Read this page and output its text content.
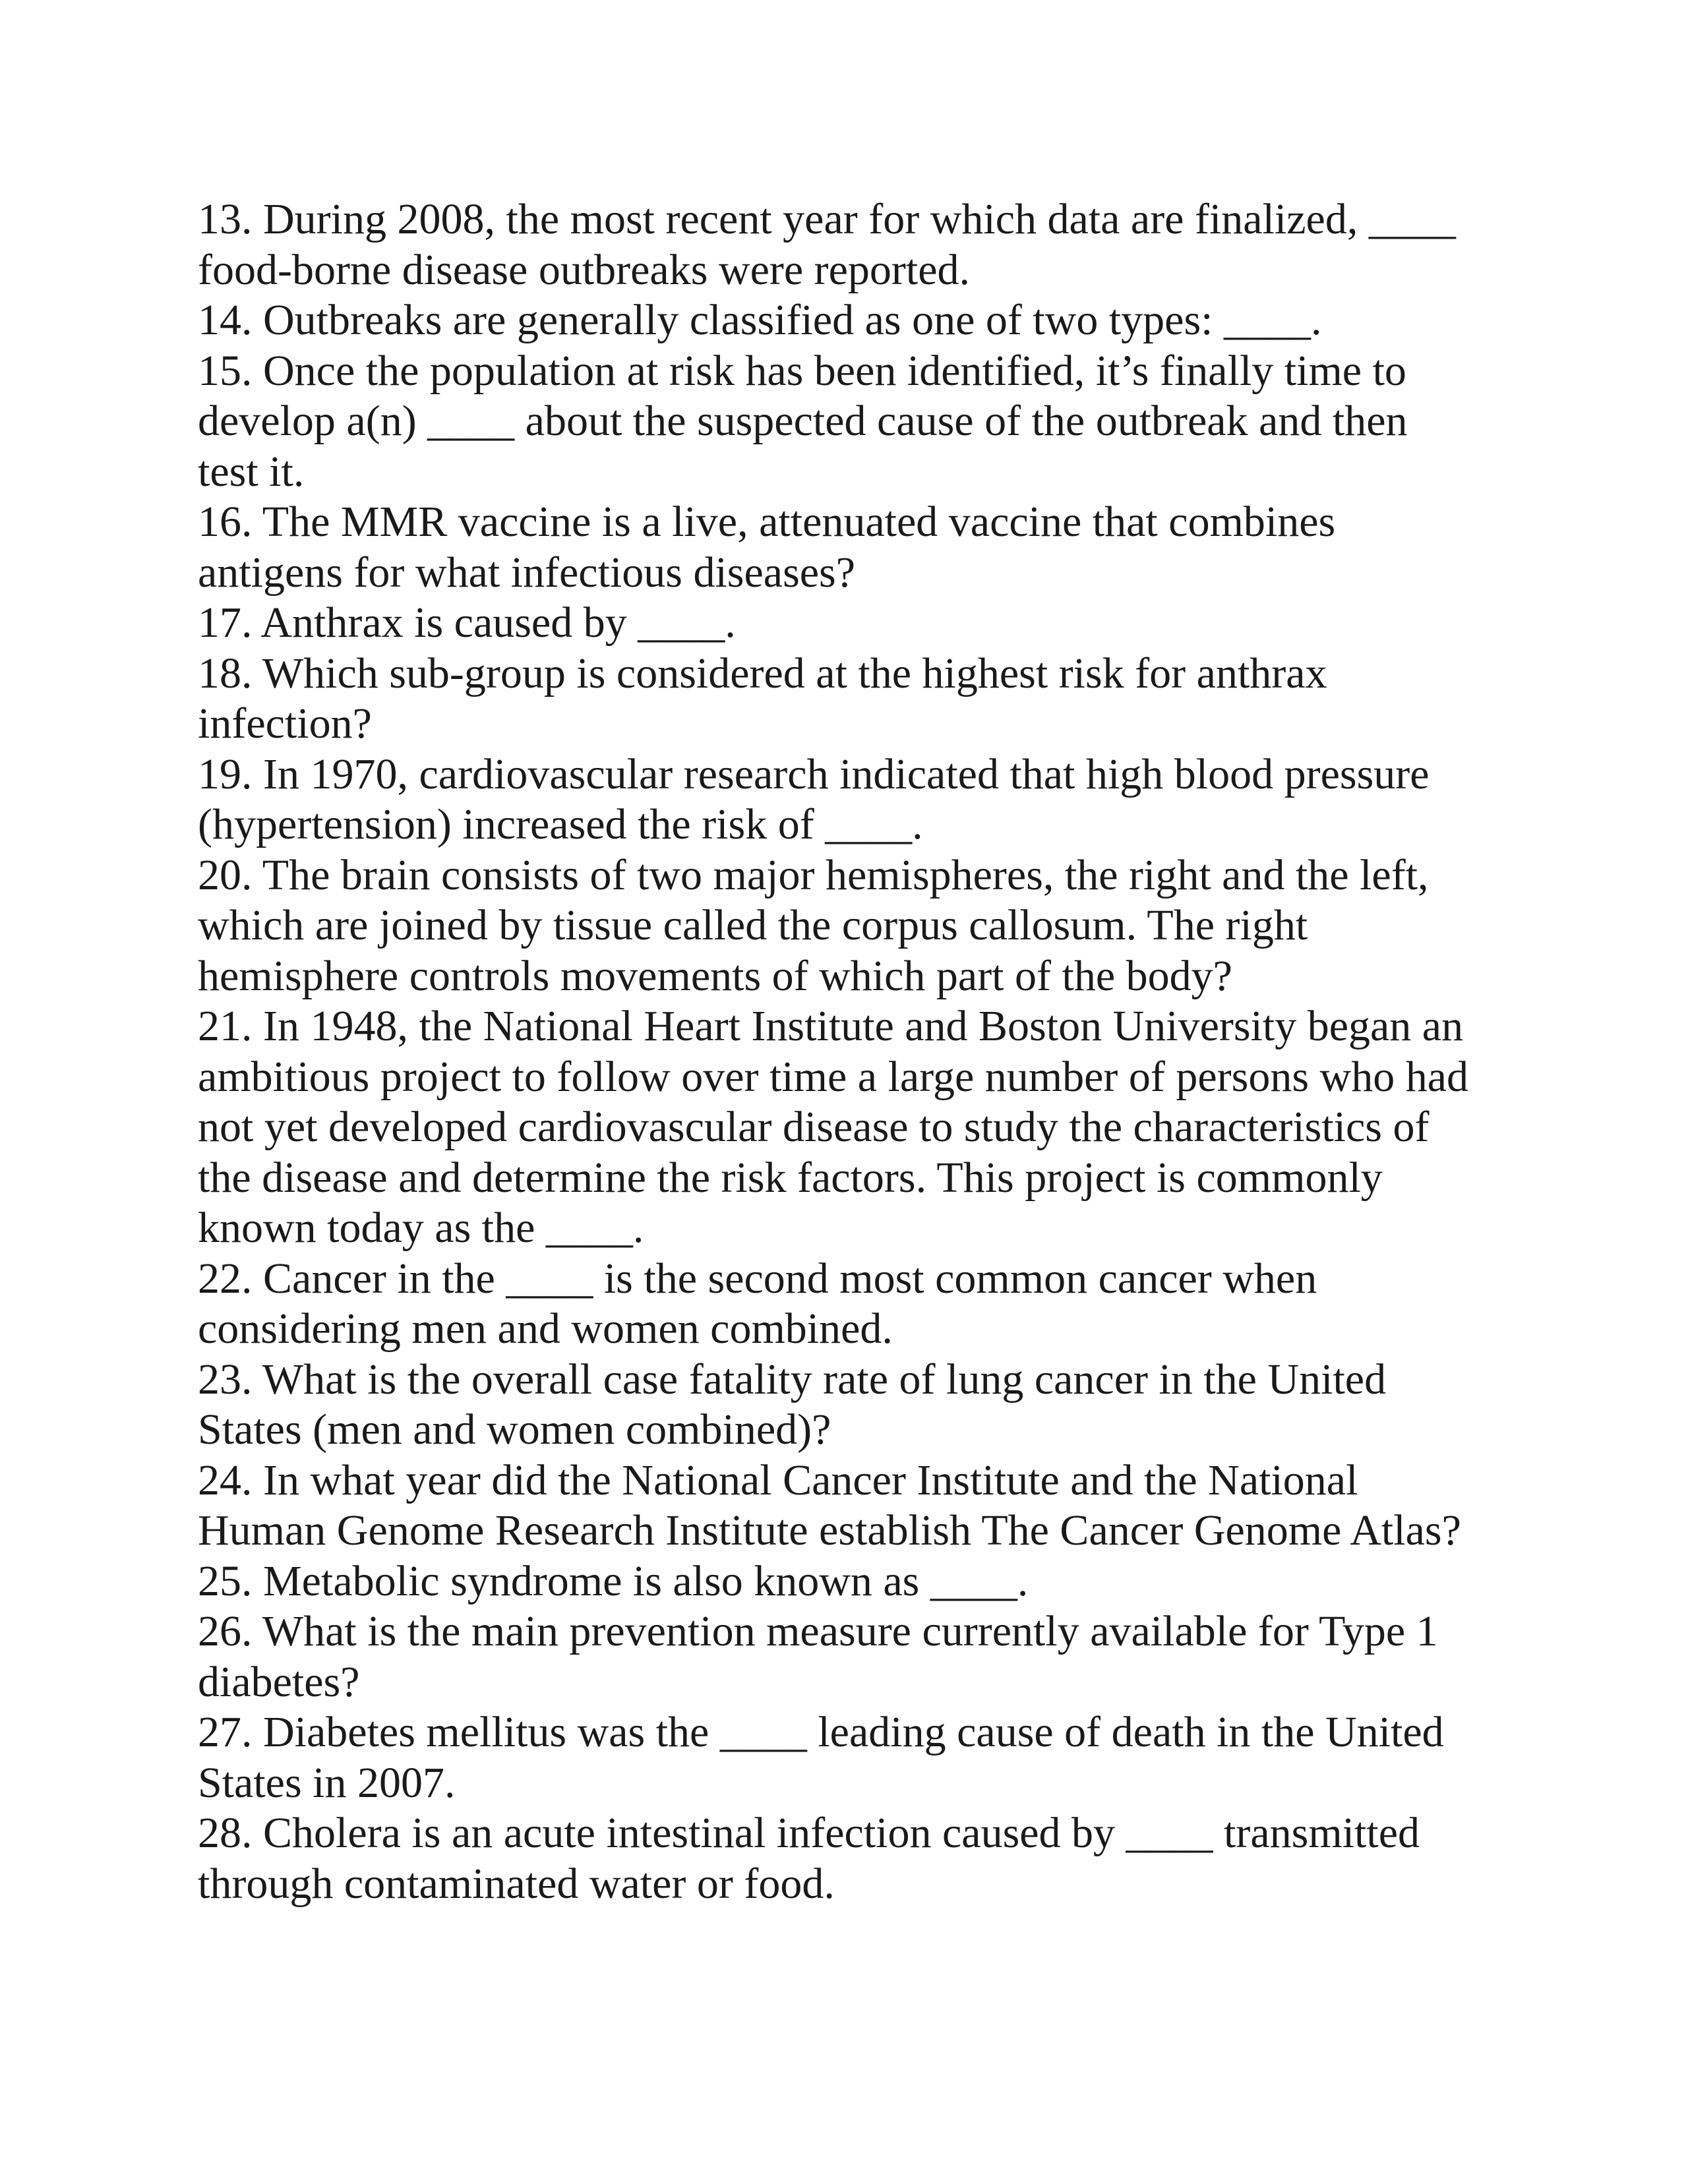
13. During 2008, the most recent year for which data are finalized, ____
food-borne disease outbreaks were reported.
14. Outbreaks are generally classified as one of two types: ____.
15. Once the population at risk has been identified, it’s finally time to
develop a(n) ____ about the suspected cause of the outbreak and then
test it.
16. The MMR vaccine is a live, attenuated vaccine that combines
antigens for what infectious diseases?
17. Anthrax is caused by ____.
18. Which sub-group is considered at the highest risk for anthrax
infection?
19. In 1970, cardiovascular research indicated that high blood pressure
(hypertension) increased the risk of ____.
20. The brain consists of two major hemispheres, the right and the left,
which are joined by tissue called the corpus callosum. The right
hemisphere controls movements of which part of the body?
21. In 1948, the National Heart Institute and Boston University began an
ambitious project to follow over time a large number of persons who had
not yet developed cardiovascular disease to study the characteristics of
the disease and determine the risk factors. This project is commonly
known today as the ____.
22. Cancer in the ____ is the second most common cancer when
considering men and women combined.
23. What is the overall case fatality rate of lung cancer in the United
States (men and women combined)?
24. In what year did the National Cancer Institute and the National
Human Genome Research Institute establish The Cancer Genome Atlas?
25. Metabolic syndrome is also known as ____.
26. What is the main prevention measure currently available for Type 1
diabetes?
27. Diabetes mellitus was the ____ leading cause of death in the United
States in 2007.
28. Cholera is an acute intestinal infection caused by ____ transmitted
through contaminated water or food.
